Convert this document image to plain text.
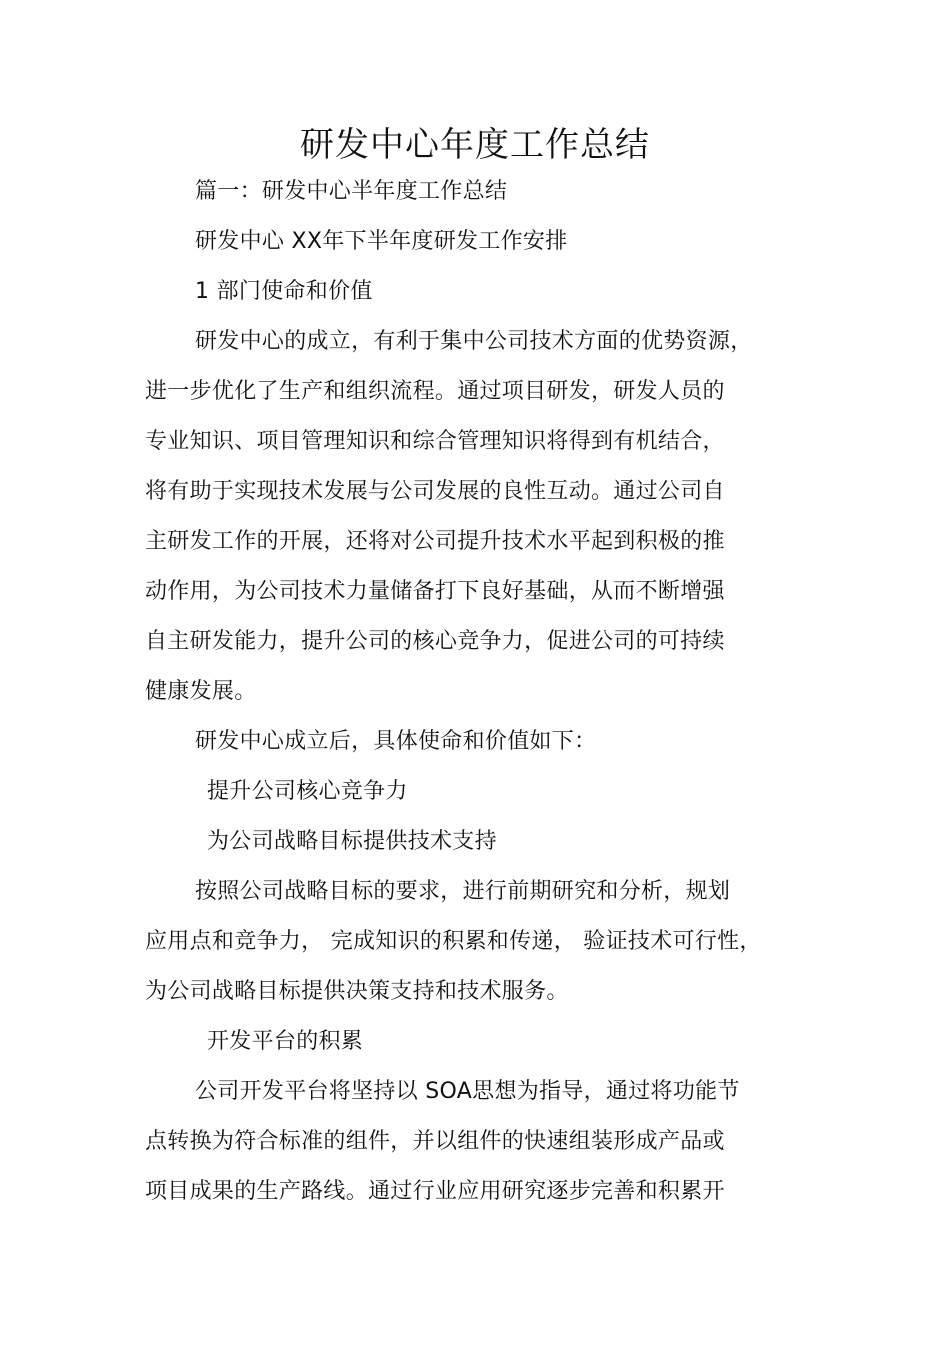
研发中心年度工作总结
篇一：研发中心半年度工作总结
研发中心 XX年下半年度研发工作安排
1 部门使命和价值
研发中心的成立，有利于集中公司技术方面的优势资源，
进一步优化了生产和组织流程。通过项目研发，研发人员的
专业知识、项目管理知识和综合管理知识将得到有机结合，
将有助于实现技术发展与公司发展的良性互动。通过公司自
主研发工作的开展，还将对公司提升技术水平起到积极的推
动作用，为公司技术力量储备打下良好基础，从而不断增强
自主研发能力，提升公司的核心竞争力，促进公司的可持续
健康发展。
研发中心成立后，具体使命和价值如下：
提升公司核心竞争力
为公司战略目标提供技术支持
按照公司战略目标的要求，进行前期研究和分析，规划
应用点和竞争力， 完成知识的积累和传递， 验证技术可行性，
为公司战略目标提供决策支持和技术服务。
开发平台的积累
公司开发平台将坚持以 SOA思想为指导，通过将功能节
点转换为符合标准的组件，并以组件的快速组装形成产品或
项目成果的生产路线。通过行业应用研究逐步完善和积累开
